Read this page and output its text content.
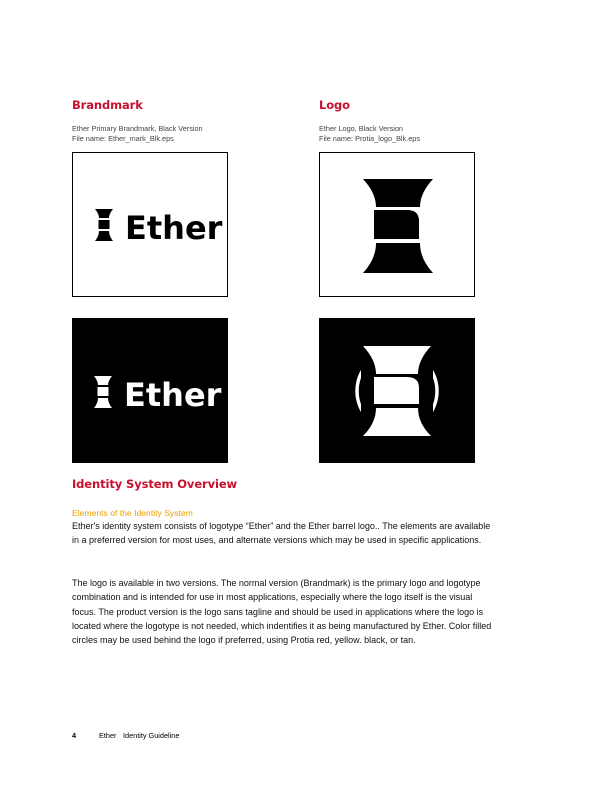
Brandmark
Ether Primary Brandmark, Black Version
File name: Ether_mark_Blk.eps
Ether
Ether
Logo
Ether Logo, Black Version
File name: Protia_logo_Blk.eps
Identity System Overview
Elements of the Identity System

Ether's identity system consists of logotype “Ether” and the Ether barrel logo.. The elements are available in a preferred version for most uses, and alternate versions which may be used in specific applications.

The logo is available in two versions. The normal version (Brandmark) is the primary logo and logotype combination and is intended for use in most applications, especially where the logo itself is the visual focus. The product version is the logo sans tagline and should be used in applications where the logo is located where the logotype is not needed, which indentifies it as being manufactured by Ether. Color filled circles may be used behind the logo if preferred, using Protia red, yellow. black, or tan.

4	Ether Identity Guideline
